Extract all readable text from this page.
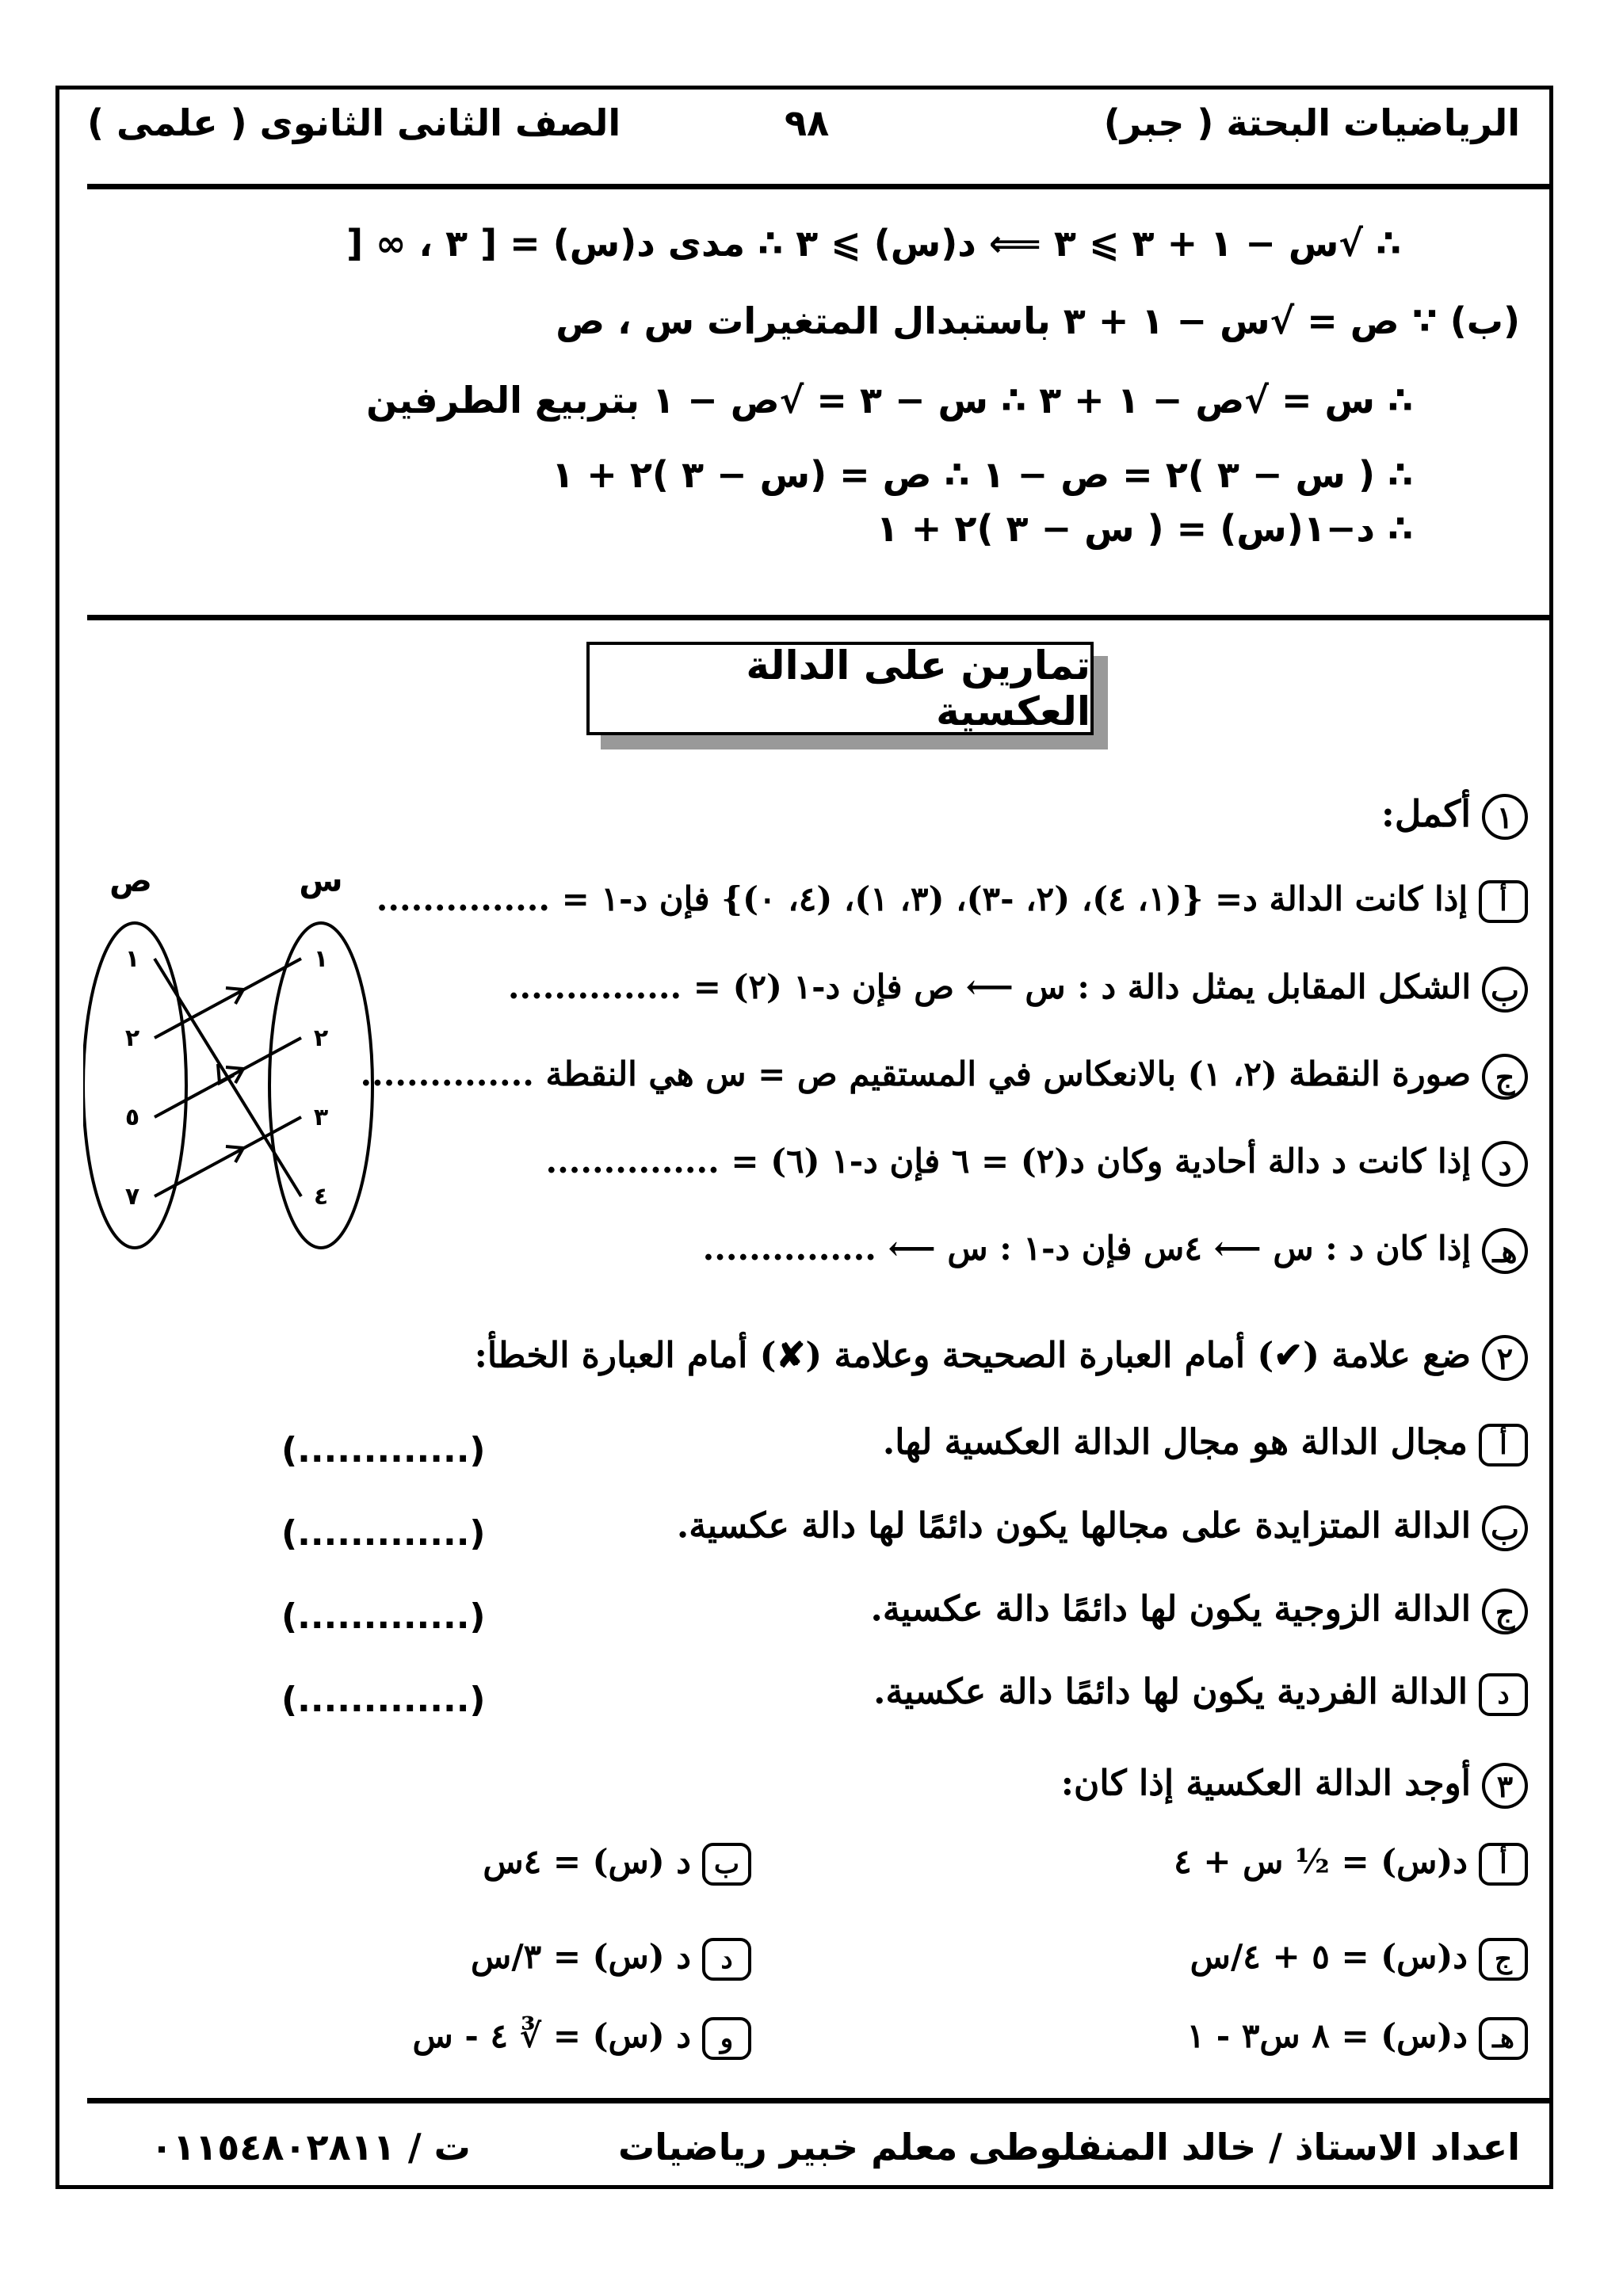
الرياضيات البحتة ( جبر)
٩٨
الصف الثانى الثانوى ( علمى )
∴ √س − ١ + ٣ ⩾ ٣ ⟸ د(س) ⩾ ٣ ∴ مدى د(س) = [ ٣ ، ∞ [
(ب) ∵ ص = √س − ١ + ٣ باستبدال المتغيرات س ، ص
∴ س = √ص − ١ + ٣ ∴ س − ٣ = √ص − ١ بتربيع الطرفين
∴ ( س − ٣ )٢ = ص − ١ ∴ ص = (س − ٣ )٢ + ١
∴ د−١(س) = ( س − ٣ )٢ + ١
تمارين على الدالة العكسية
١أكمل:
أإذا كانت الدالة د= {(١، ٤)، (٢، -٣)، (٣، ١)، (٤، ٠)} فإن د-١ = ...............
بالشكل المقابل يمثل دالة د : س ⟵ ص فإن د-١ (٢) = ...............
جصورة النقطة (٢، ١) بالانعكاس في المستقيم ص = س هي النقطة ...............
دإذا كانت د دالة أحادية وكان د(٢) = ٦ فإن د-١ (٦) = ...............
هـإذا كان د : س ⟵ ٤س فإن د-١ : س ⟵ ...............
س
ص
١
٢
٣
٤
١
٢
٥
٧
٢ضع علامة (✔) أمام العبارة الصحيحة وعلامة (✘) أمام العبارة الخطأ:
أمجال الدالة هو مجال الدالة العكسية لها.
بالدالة المتزايدة على مجالها يكون دائمًا لها دالة عكسية.
جالدالة الزوجية يكون لها دائمًا دالة عكسية.
دالدالة الفردية يكون لها دائمًا دالة عكسية.
(.............)
(.............)
(.............)
(.............)
٣أوجد الدالة العكسية إذا كان:
أد(س) = ½ س + ٤
بد (س) = ٤س
جد(س) = ٥ + ٤/س
دد (س) = ٣/س
هـد(س) = ٨ س٣ - ١
ود (س) = ∛ ٤ - س
اعداد الاستاذ / خالد المنفلوطى
معلم خبير رياضيات
ت / ٠١١٥٤٨٠٢٨١١
